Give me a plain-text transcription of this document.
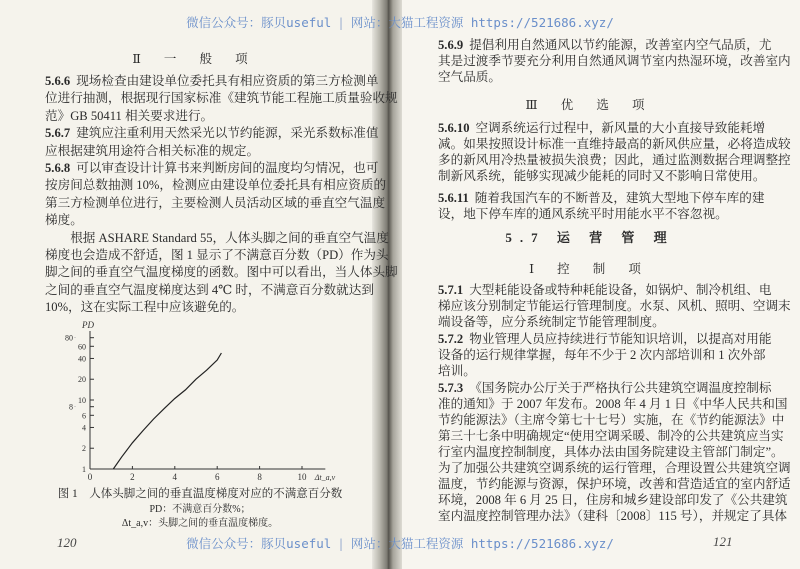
微信公众号：豚贝useful | 网站：大猫工程资源 https://521686.xyz/
微信公众号：豚贝useful | 网站：大猫工程资源 https://521686.xyz/
Ⅱ 一 般 项
5.6.6 现场检查由建设单位委托具有相应资质的第三方检测单
位进行抽测，根据现行国家标准《建筑节能工程施工质量验收规
范》GB 50411 相关要求进行。
5.6.7 建筑应注重利用天然采光以节约能源，采光系数标准值
应根据建筑用途符合相关标准的规定。
5.6.8 可以审查设计计算书来判断房间的温度均匀情况，也可
按房间总数抽测 10%，检测应由建设单位委托具有相应资质的
第三方检测单位进行，主要检测人员活动区域的垂直空气温度
梯度。
　　根据 ASHARE Standard 55，人体头脚之间的垂直空气温度
梯度也会造成不舒适，图 1 显示了不满意百分数（PD）作为头
脚之间的垂直空气温度梯度的函数。图中可以看出，当人体头脚
之间的垂直空气温度梯度达到 4℃ 时，不满意百分数就达到
10%，这在实际工程中应该避免的。
0	2	4	6	8	10
1
2
4
6
8
10
20
40
60
80
PD
Δt_a,v
图 1　人体头脚之间的垂直温度梯度对应的不满意百分数
PD：不满意百分数%；
Δt_a,v：头脚之间的垂直温度梯度。
120
5.6.9 提倡利用自然通风以节约能源，改善室内空气品质，尤
其是过渡季节要充分利用自然通风调节室内热湿环境，改善室内
空气品质。
Ⅲ 优 选 项
5.6.10 空调系统运行过程中，新风量的大小直接导致能耗增
减。如果按照设计标准一直维持最高的新风供应量，必将造成较
多的新风用冷热量被损失浪费；因此，通过监测数据合理调整控
制新风系统，能够实现减少能耗的同时又不影响日常使用。
5.6.11 随着我国汽车的不断普及，建筑大型地下停车库的建
设，地下停车库的通风系统平时用能水平不容忽视。
5.7 运 营 管 理
Ⅰ 控 制 项
5.7.1 大型耗能设备或特种耗能设备，如锅炉、制冷机组、电
梯应该分别制定节能运行管理制度。水泵、风机、照明、空调末
端设备等，应分系统制定节能管理制度。
5.7.2 物业管理人员应持续进行节能知识培训，以提高对用能
设备的运行规律掌握，每年不少于 2 次内部培训和 1 次外部
培训。
5.7.3 《国务院办公厅关于严格执行公共建筑空调温度控制标
准的通知》于 2007 年发布。2008 年 4 月 1 日《中华人民共和国
节约能源法》（主席令第七十七号）实施，在《节约能源法》中
第三十七条中明确规定“使用空调采暖、制冷的公共建筑应当实
行室内温度控制制度，具体办法由国务院建设主管部门制定”。
为了加强公共建筑空调系统的运行管理，合理设置公共建筑空调
温度，节约能源与资源，保护环境，改善和营造适宜的室内舒适
环境，2008 年 6 月 25 日，住房和城乡建设部印发了《公共建筑
室内温度控制管理办法》（建科〔2008〕115 号），并规定了具体
121
